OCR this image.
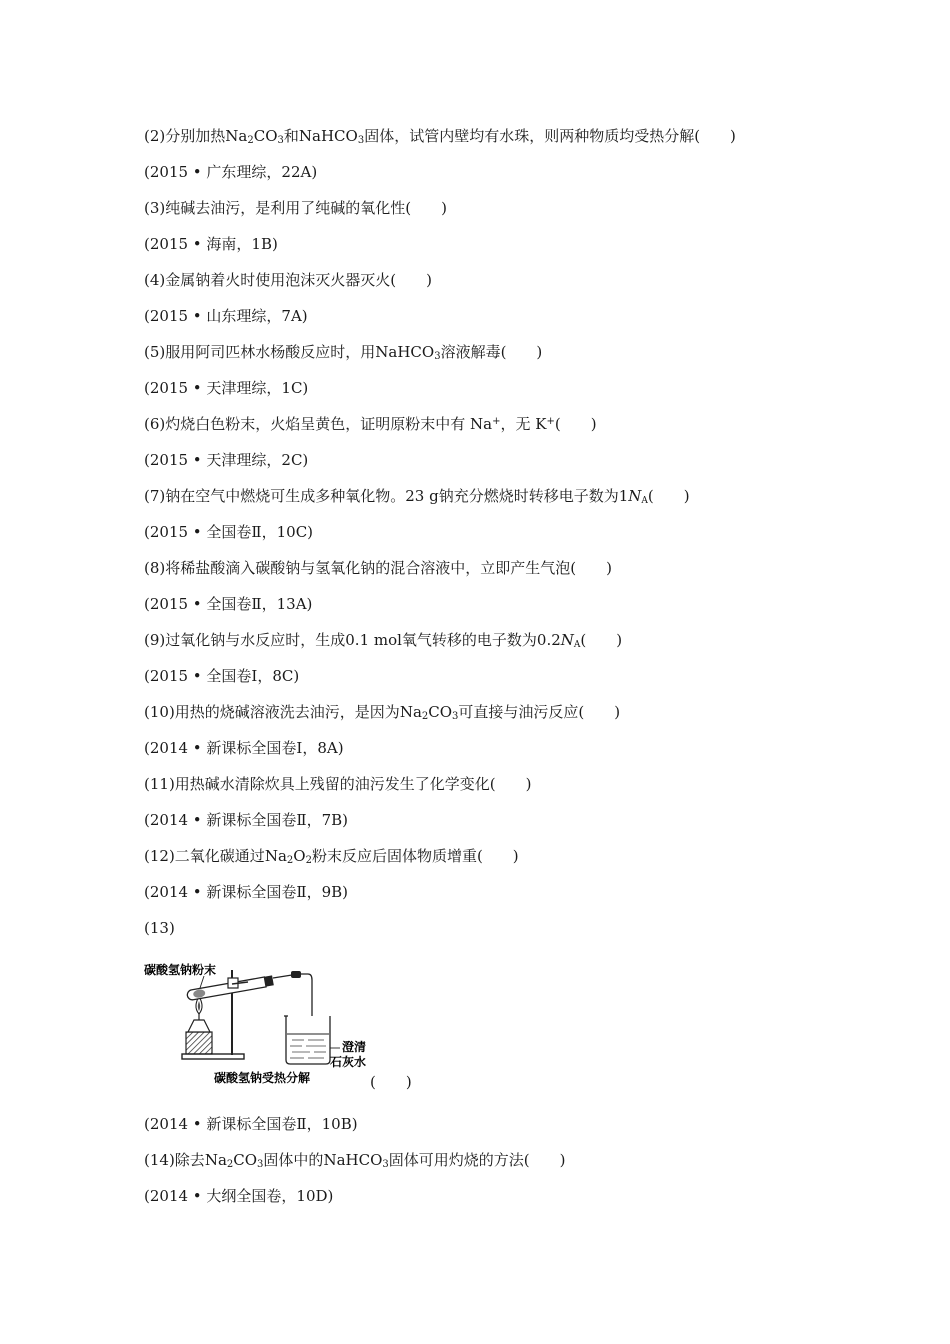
(2)分别加热$Na_2CO_3$和NaHCO$_3$固体，试管内壁均有水珠，则两种物质均受热分解(　　)
(2015 • 广东理综，22A)
(3)纯碱去油污，是利用了纯碱的氧化性(　　)
(2015 • 海南，1B)
(4)金属钠着火时使用泡沫灭火器灭火(　　)
(2015 • 山东理综，7A)
(5)服用阿司匹林水杨酸反应时，用NaHCO$_3$溶液解毒(　　)
(2015 • 天津理综，1C)
(6)灼烧白色粉末，火焰呈黄色，证明原粉末中有 Na+，无 K+(　　)
(2015 • 天津理综，2C)
(7)钠在空气中燃烧可生成多种氧化物。23 g钠充分燃烧时转移电子数为$1N_A$(　　)
(2015 • 全国卷Ⅱ，10C)
(8)将稀盐酸滴入碳酸钠与氢氧化钠的混合溶液中，立即产生气泡(　　)
(2015 • 全国卷Ⅱ，13A)
(9)过氧化钠与水反应时，生成0.1 mol氧气转移的电子数为$0.2N_A$(　　)
(2015 • 全国卷Ⅰ，8C)
(10)用热的烧碱溶液洗去油污，是因为$Na_2CO_3$可直接与油污反应(　　)
(2014 • 新课标全国卷Ⅰ，8A)
(11)用热碱水清除炊具上残留的油污发生了化学变化(　　)
(2014 • 新课标全国卷Ⅱ，7B)
(12)二氧化碳通过$Na_2O_2$粉末反应后固体物质增重(　　)
(2014 • 新课标全国卷Ⅱ，9B)
(13)
碳酸氢钠粉末
澄清
石灰水
碳酸氢钠受热分解	(　　)
(2014 • 新课标全国卷Ⅱ，10B)
(14)除去$Na_2CO_3$固体中的NaHCO$_3$固体可用灼烧的方法(　　)
(2014 • 大纲全国卷，10D)
